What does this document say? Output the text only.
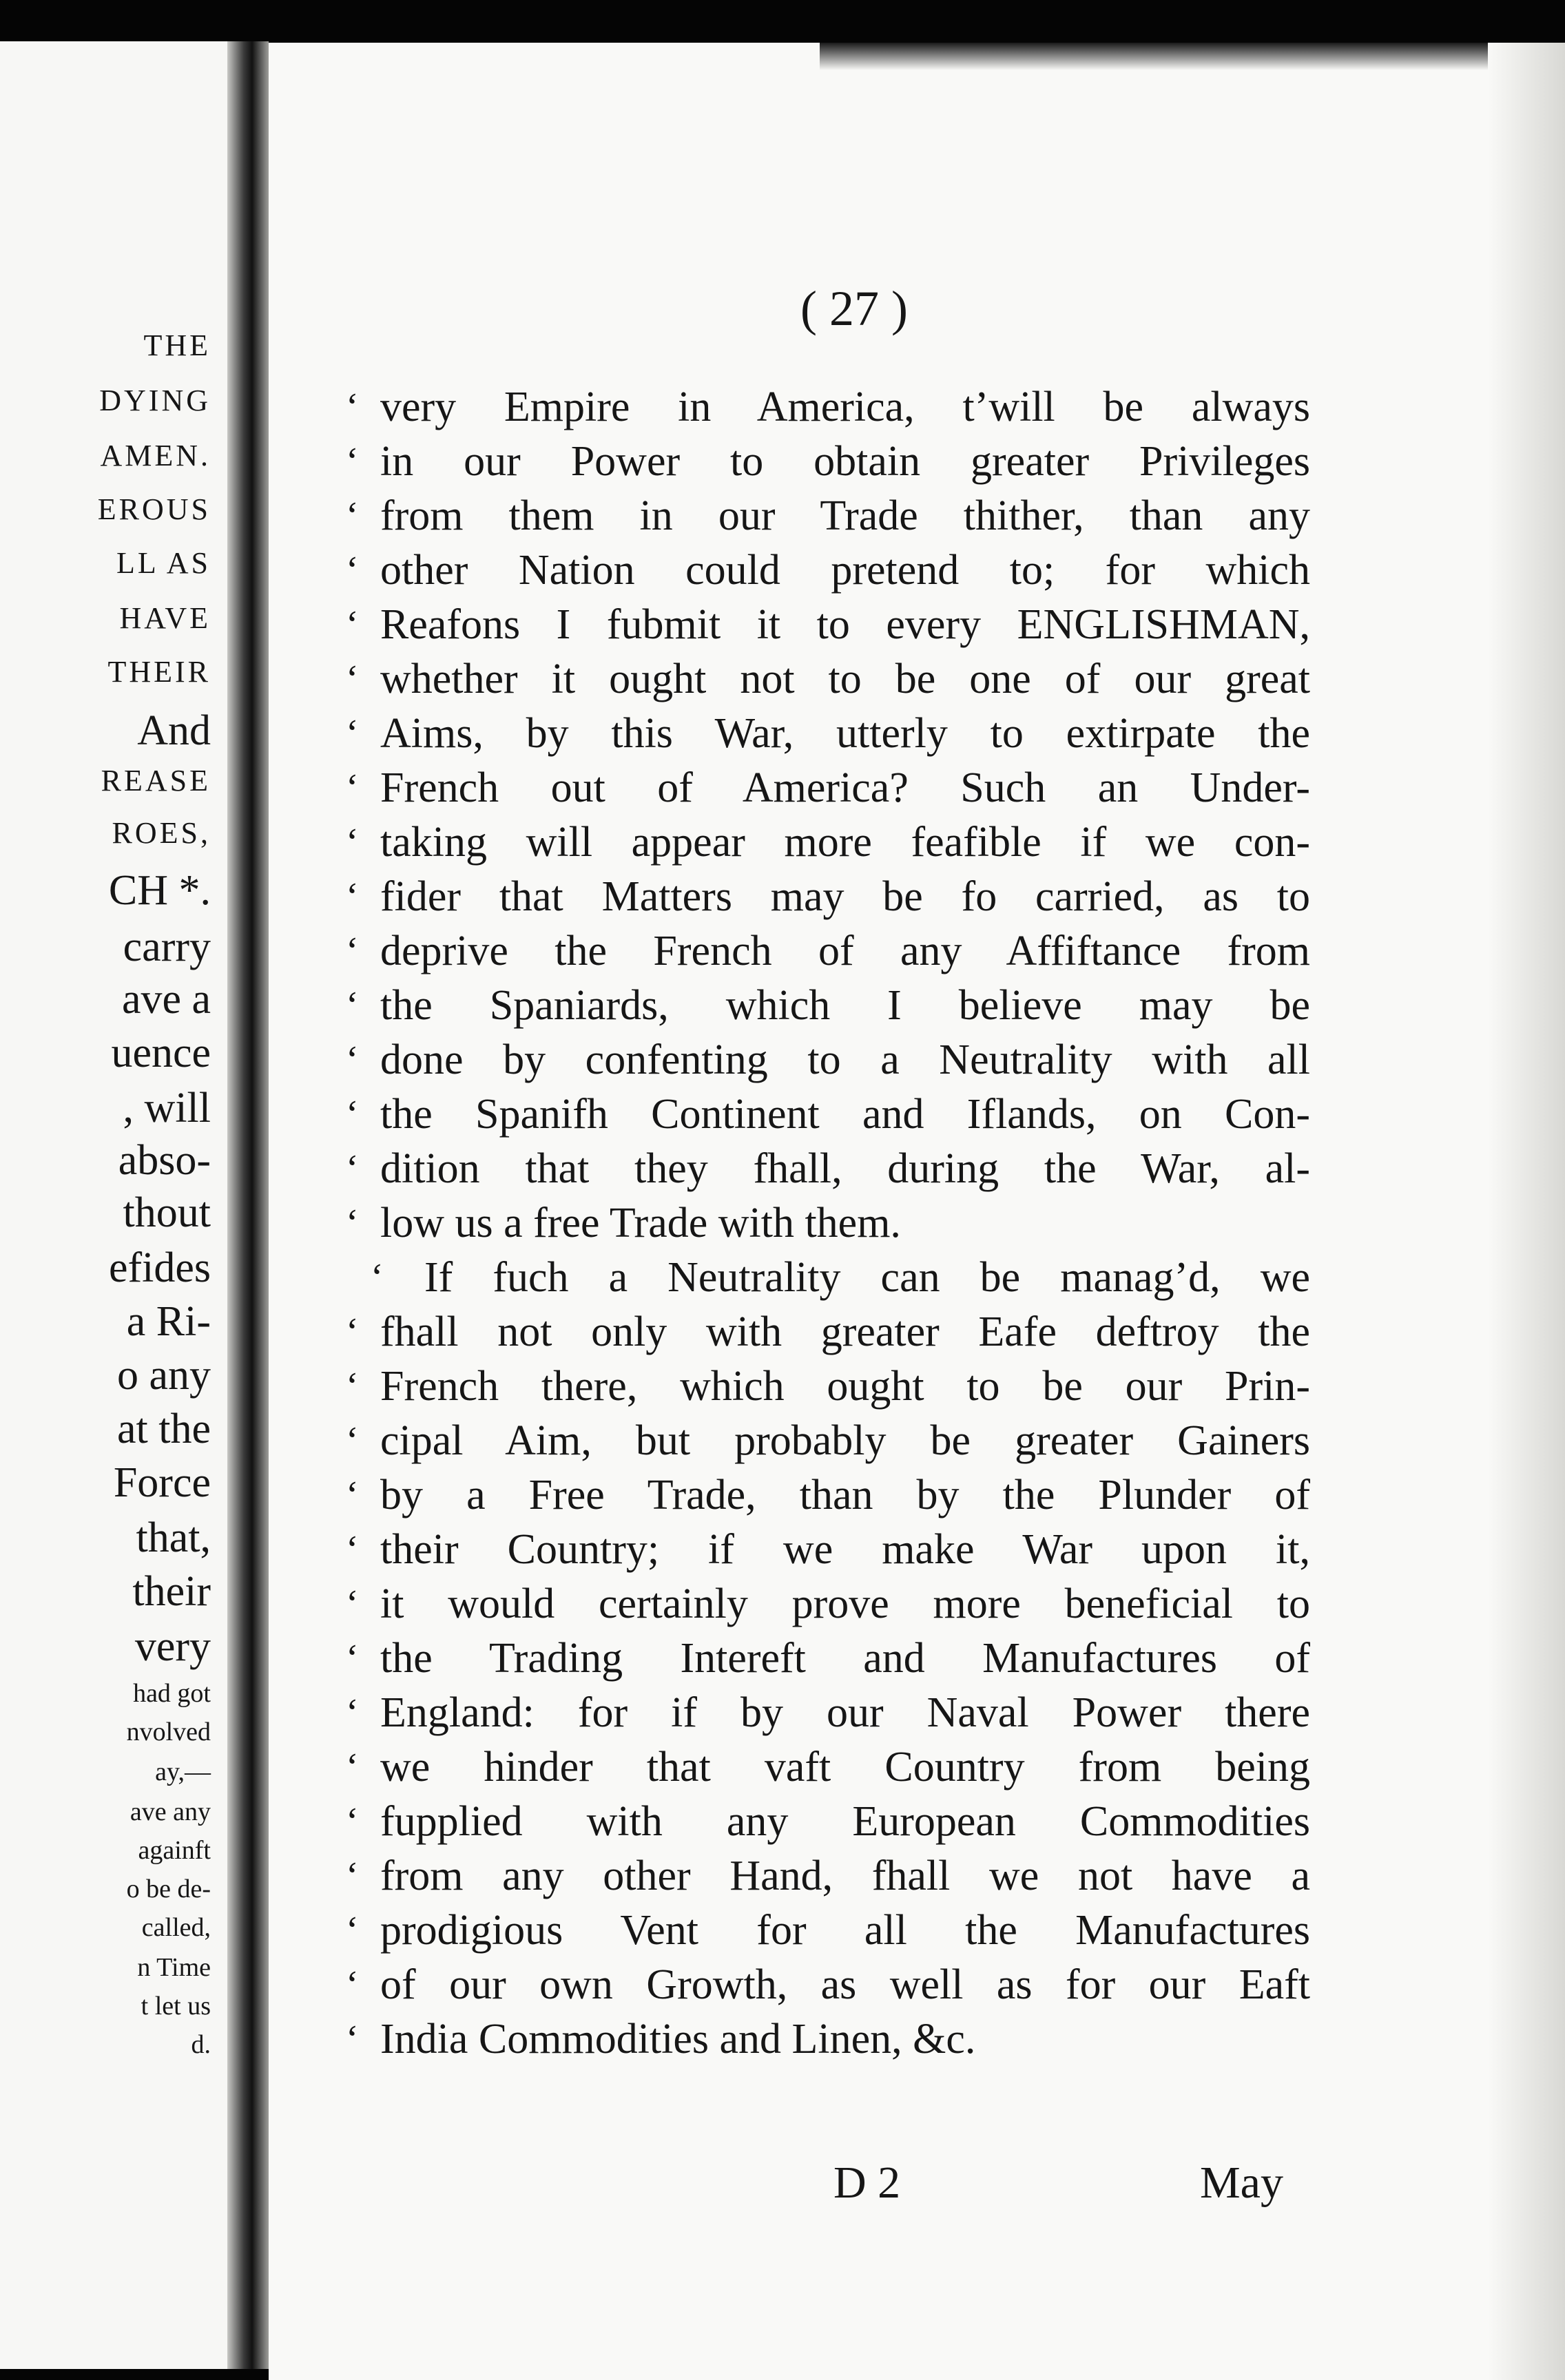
THE

DYING

AMEN.

EROUS

LL AS

HAVE

THEIR

And

REASE

ROES,

CH *.

carry

ave a

uence

, will

abso-

thout

efides

a Ri-

o any

at the

Force

that,

their

very

had got

nvolved

ay,—

ave any

againft

o be de-

called,

n Time

t let us

d.

( 27 )

‘ very Empire in America, t’will be always
‘ in our Power to obtain greater Privileges
‘ from them in our Trade thither, than any
‘ other Nation could pretend to; for which
‘ Reafons I fubmit it to every ENGLISHMAN,
‘ whether it ought not to be one of our great
‘ Aims, by this War, utterly to extirpate the
‘ French out of America? Such an Under-
‘ taking will appear more feafible if we con-
‘ fider that Matters may be fo carried, as to
‘ deprive the French of any Affiftance from
‘ the Spaniards, which I believe may be
‘ done by confenting to a Neutrality with all
‘ the Spanifh Continent and Iflands, on Con-
‘ dition that they fhall, during the War, al-
‘ low us a free Trade with them.
‘ If fuch a Neutrality can be manag’d, we
‘ fhall not only with greater Eafe deftroy the
‘ French there, which ought to be our Prin-
‘ cipal Aim, but probably be greater Gainers
‘ by a Free Trade, than by the Plunder of
‘ their Country; if we make War upon it,
‘ it would certainly prove more beneficial to
‘ the Trading Intereft and Manufactures of
‘ England: for if by our Naval Power there
‘ we hinder that vaft Country from being
‘ fupplied with any European Commodities
‘ from any other Hand, fhall we not have a
‘ prodigious Vent for all the Manufactures
‘ of our own Growth, as well as for our Eaft
‘ India Commodities and Linen, &c.

D 2	May
